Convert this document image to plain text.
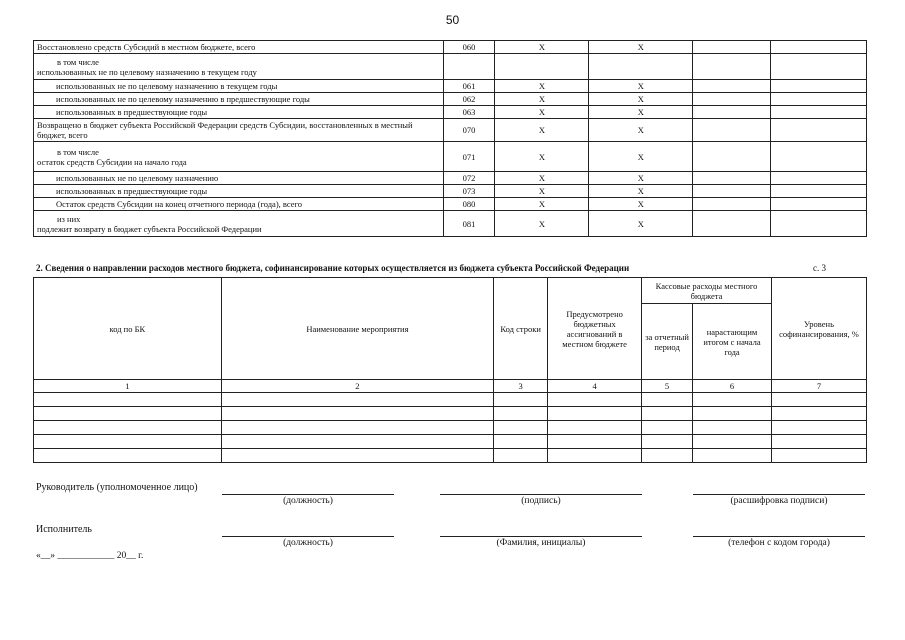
50
Восстановлено средств Субсидий в местном бюджете, всего	060	X	X		

в том числе
использованных не по целевому назначению в текущем году					

использованных не по целевому назначению в текущем годы	061	X	X		
использованных не по целевому назначению в предшествующие годы	062	X	X		
использованных в предшествующие годы	063	X	X		
Возвращено в бюджет субъекта Российской Федерации средств Субсидии, восстановленных в местный бюджет, всего	070	X	X		

в том числе
остаток средств Субсидии на начало года	071	X	X		
использованных не по целевому назначению	072	X	X		
использованных в предшествующие годы	073	X	X		
Остаток средств Субсидии на конец отчетного периода (года), всего	080	X	X		

из них
подлежит возврату в бюджет субъекта Российской Федерации	081	X	X		
2. Сведения о направлении расходов местного бюджета, софинансирование которых осуществляется из бюджета субъекта Российской Федерации	с. 3
код по БК	Наименование мероприятия	Код строки	Предусмотрено бюджетных ассигнований в местном бюджете	Кассовые расходы местного бюджета		Уровень софинансирования, %
				за отчетный период	нарастающим итогом с начала года	
1	2	3	4	5	6	7

Руководитель (уполномоченное лицо)
(должность)	(подпись)	(расшифровка подписи)
Исполнитель
(должность)	(Фамилия, инициалы)	(телефон с кодом города)
«__» ____________ 20__ г.
